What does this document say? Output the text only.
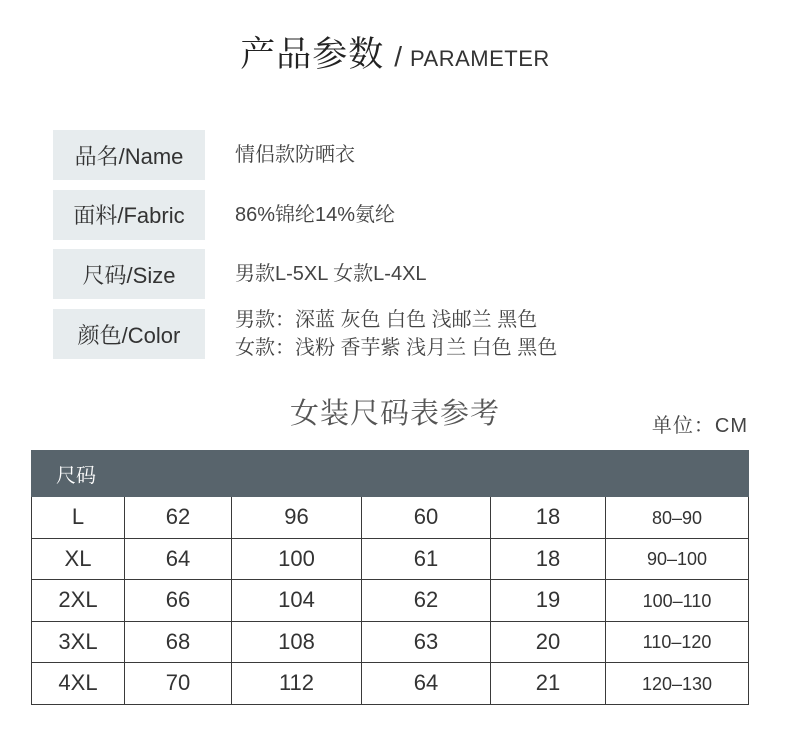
产品参数 / PARAMETER
品名/Name	情侣款防晒衣
面料/Fabric	86%锦纶14%氨纶
尺码/Size	男款L-5XL 女款L-4XL
颜色/Color
男款：深蓝 灰色 白色 浅邮兰 黑色
女款：浅粉 香芋紫 浅月兰 白色 黑色
女装尺码表参考	单位：CM
尺码					
L	62	96	60	18	80–90
XL	64	100	61	18	90–100
2XL	66	104	62	19	100–110
3XL	68	108	63	20	110–120
4XL	70	112	64	21	120–130
